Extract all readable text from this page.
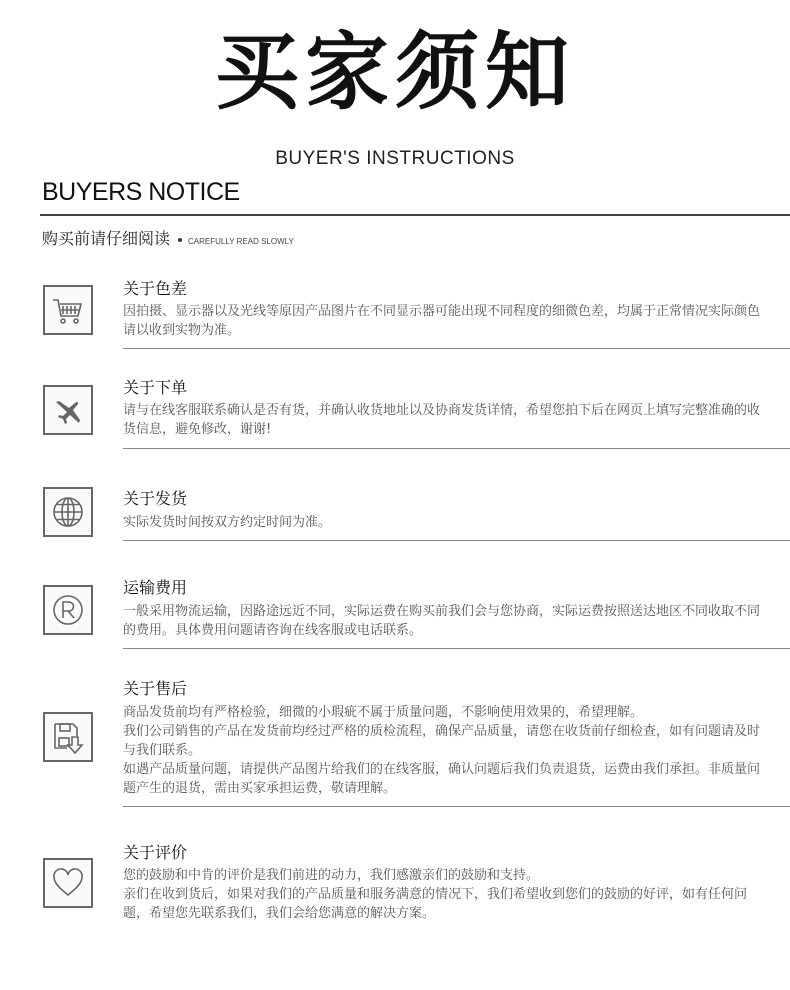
买家须知
BUYER'S INSTRUCTIONS
BUYERS NOTICE
购买前请仔细阅读 CAREFULLY READ SLOWLY
关于色差

因拍摄、显示器以及光线等原因产品图片在不同显示器可能出现不同程度的细微色差，均属于正常情况实际颜色请以收到实物为准。

关于下单

请与在线客服联系确认是否有货，并确认收货地址以及协商发货详情，希望您拍下后在网页上填写完整准确的收货信息，避免修改，谢谢!

关于发货

实际发货时间按双方约定时间为准。

运输费用

一般采用物流运输，因路途远近不同，实际运费在购买前我们会与您协商，实际运费按照送达地区不同收取不同的费用。具体费用问题请咨询在线客服或电话联系。

关于售后

商品发货前均有严格检验，细微的小瑕疵不属于质量问题，不影响使用效果的，希望理解。

我们公司销售的产品在发货前均经过严格的质检流程，确保产品质量，请您在收货前仔细检查，如有问题请及时与我们联系。

如遇产品质量问题，请提供产品图片给我们的在线客服，确认问题后我们负责退货，运费由我们承担。非质量问题产生的退货，需由买家承担运费，敬请理解。

关于评价

您的鼓励和中肯的评价是我们前进的动力，我们感激亲们的鼓励和支持。

亲们在收到货后，如果对我们的产品质量和服务满意的情况下，我们希望收到您们的鼓励的好评，如有任何问题，希望您先联系我们，我们会给您满意的解决方案。
